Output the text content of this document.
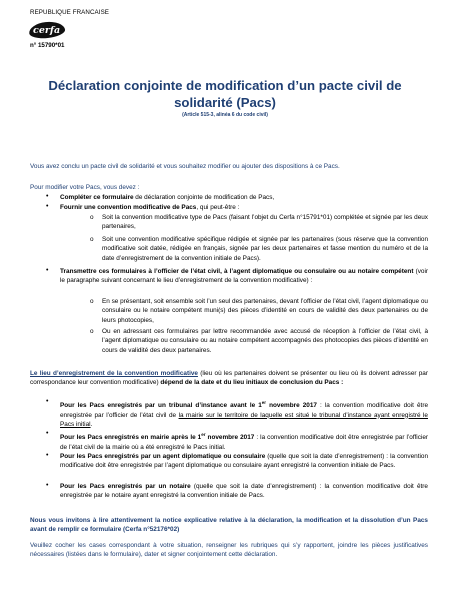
REPUBLIQUE FRANCAISE
cerfa
n° 15790*01
Déclaration conjointe de modification d’un pacte civil de solidarité (Pacs)
(Article 515-3, alinéa 6 du code civil)
Vous avez conclu un pacte civil de solidarité et vous souhaitez modifier ou ajouter des dispositions à ce Pacs.
Pour modifier votre Pacs, vous devez :
• Compléter ce formulaire de déclaration conjointe de modification de Pacs,
• Fournir une convention modificative de Pacs, qui peut-être :
o Soit la convention modificative type de Pacs (faisant l’objet du Cerfa n°15791*01) complétée et signée par les deux partenaires,
o Soit une convention modificative spécifique rédigée et signée par les partenaires (sous réserve que la convention modificative soit datée, rédigée en français, signée par les deux partenaires et fasse mention du numéro et de la date d’enregistrement de la convention initiale de Pacs).
• Transmettre ces formulaires à l’officier de l’état civil, à l’agent diplomatique ou consulaire ou au notaire compétent (voir le paragraphe suivant concernant le lieu d’enregistrement de la convention modificative) :
o En se présentant, soit ensemble soit l’un seul des partenaires, devant l’officier de l’état civil, l’agent diplomatique ou consulaire ou le notaire compétent muni(s) des pièces d’identité en cours de validité des deux partenaires ou de leurs photocopies,
o Ou en adressant ces formulaires par lettre recommandée avec accusé de réception à l’officier de l’état civil, à l’agent diplomatique ou consulaire ou au notaire compétent accompagnés des photocopies des pièces d’identité en cours de validité des deux partenaires.
Le lieu d’enregistrement de la convention modificative (lieu où les partenaires doivent se présenter ou lieu où ils doivent adresser par correspondance leur convention modificative) dépend de la date et du lieu initiaux de conclusion du Pacs :
•
Pour les Pacs enregistrés par un tribunal d’instance avant le 1er novembre 2017 : la convention modificative doit être enregistrée par l’officier de l’état civil de la mairie sur le territoire de laquelle est situé le tribunal d’instance ayant enregistré le Pacs initial.
•
Pour les Pacs enregistrés en mairie après le 1er novembre 2017 : la convention modificative doit être enregistrée par l’officier de l’état civil de la mairie où a été enregistré le Pacs initial.
• Pour les Pacs enregistrés par un agent diplomatique ou consulaire (quelle que soit la date d’enregistrement) : la convention modificative doit être enregistrée par l’agent diplomatique ou consulaire ayant enregistré la convention initiale de Pacs.
• Pour les Pacs enregistrés par un notaire (quelle que soit la date d’enregistrement) : la convention modificative doit être enregistrée par le notaire ayant enregistré la convention initiale de Pacs.
Nous vous invitons à lire attentivement la notice explicative relative à la déclaration, la modification et la dissolution d’un Pacs avant de remplir ce formulaire (Cerfa n°52176*02)
Veuillez cocher les cases correspondant à votre situation, renseigner les rubriques qui s’y rapportent, joindre les pièces justificatives nécessaires (listées dans le formulaire), dater et signer conjointement cette déclaration.
